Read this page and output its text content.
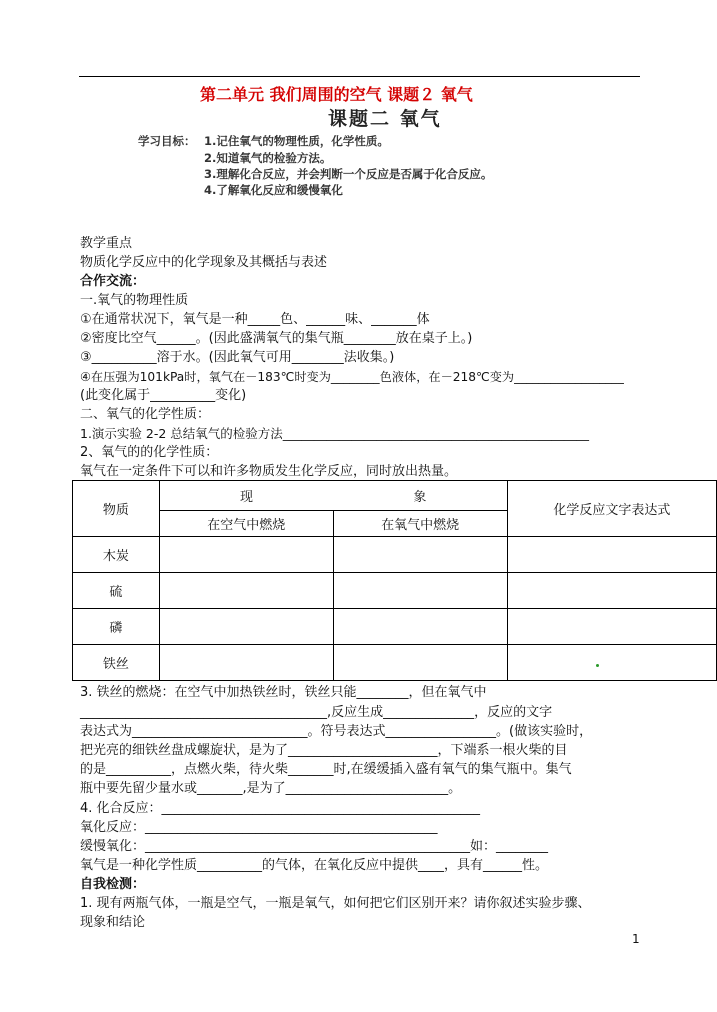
第二单元 我们周围的空气 课题２ 氧气
课题二 氧气
学习目标： 1.记住氧气的物理性质，化学性质。
2.知道氧气的检验方法。
3.理解化合反应，并会判断一个反应是否属于化合反应。
4.了解氧化反应和缓慢氧化
教学重点
物质化学反应中的化学现象及其概括与表述
合作交流：
一.氧气的物理性质
①在通常状况下，氧气是一种_____色、______味、_______体
②密度比空气______。(因此盛满氧气的集气瓶________放在桌子上。)
③__________溶于水。(因此氧气可用________法收集。)
④在压强为101kPa时，氧气在－183℃时变为________色液体，在－218℃变为__________________
(此变化属于__________变化)
二、氧气的化学性质：
1.演示实验 2-2 总结氧气的检验方法_________________________________________________
2、氧气的的化学性质：
氧气在一定条件下可以和许多物质发生化学反应，同时放出热量。
物质	现	象	化学反应文字表达式
	在空气中燃烧	在氧气中燃烧	
木炭			
硫			
磷			
铁丝			
3. 铁丝的燃烧：在空气中加热铁丝时，铁丝只能________，但在氧气中
______________________________________,反应生成______________，反应的文字
表达式为___________________________。符号表达式_________________。(做该实验时，
把光亮的细铁丝盘成螺旋状，是为了_______________________，下端系一根火柴的目
的是__________，点燃火柴，待火柴_______时,在缓缓插入盛有氧气的集气瓶中。集气
瓶中要先留少量水或_______,是为了_________________________。
4. 化合反应：_________________________________________________
氧化反应：_____________________________________________
缓慢氧化：__________________________________________________如：________
氧气是一种化学性质__________的气体，在氧化反应中提供____，具有______性。
自我检测：
1. 现有两瓶气体，一瓶是空气，一瓶是氧气，如何把它们区别开来？请你叙述实验步骤、
现象和结论
1
